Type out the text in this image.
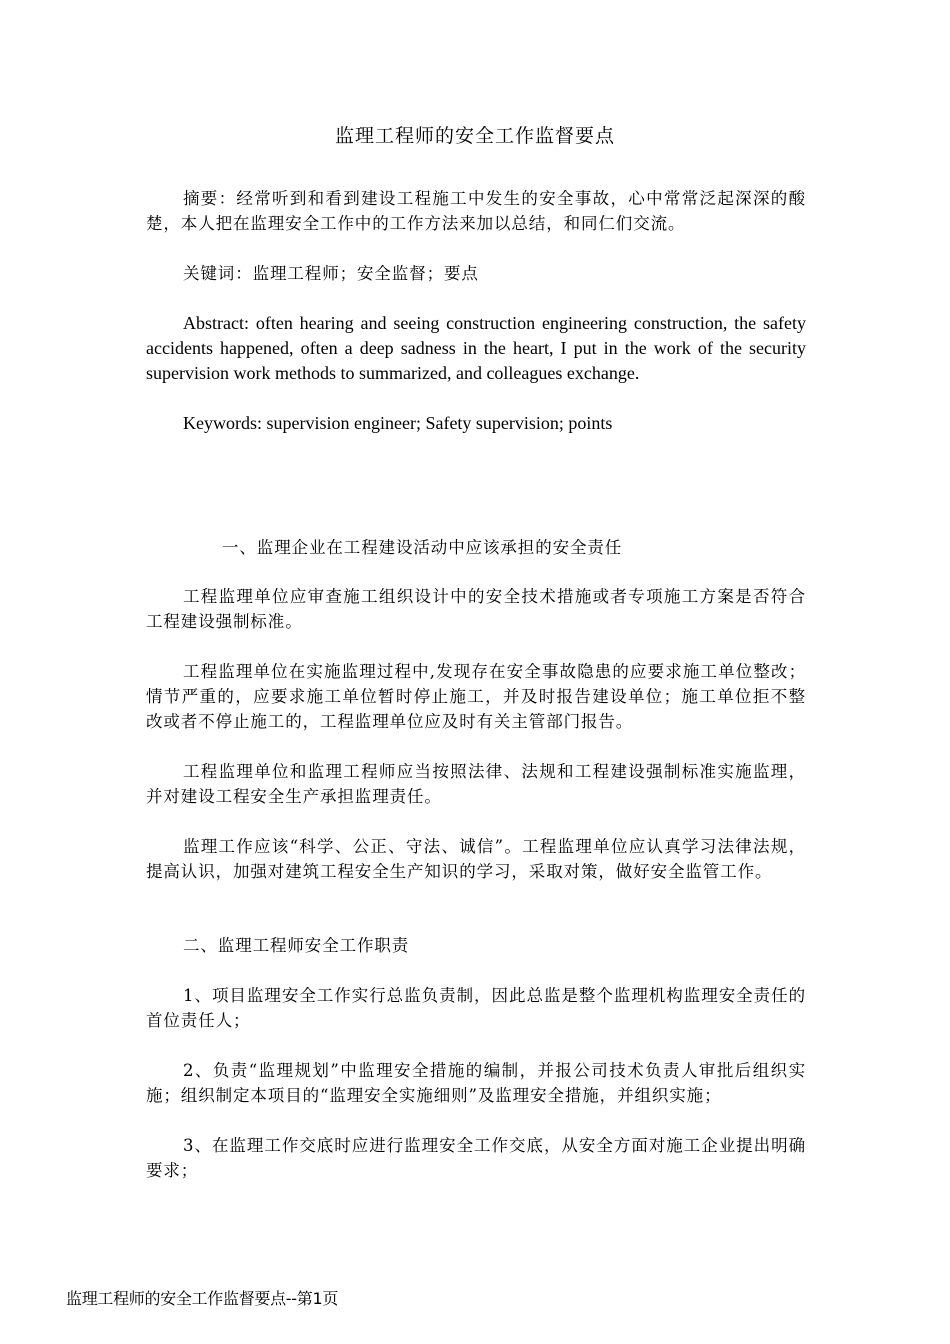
监理工程师的安全工作监督要点

摘要：经常听到和看到建设工程施工中发生的安全事故，心中常常泛起深深的酸楚，本人把在监理安全工作中的工作方法来加以总结，和同仁们交流。

关键词：监理工程师；安全监督；要点

Abstract: often hearing and seeing construction engineering construction, the safety accidents happened, often a deep sadness in the heart, I put in the work of the security supervision work methods to summarized, and colleagues exchange.

Keywords: supervision engineer; Safety supervision; points

一、监理企业在工程建设活动中应该承担的安全责任

工程监理单位应审查施工组织设计中的安全技术措施或者专项施工方案是否符合工程建设强制标准。

工程监理单位在实施监理过程中,发现存在安全事故隐患的应要求施工单位整改；情节严重的，应要求施工单位暂时停止施工，并及时报告建设单位；施工单位拒不整改或者不停止施工的，工程监理单位应及时有关主管部门报告。

工程监理单位和监理工程师应当按照法律、法规和工程建设强制标准实施监理，并对建设工程安全生产承担监理责任。

监理工作应该“科学、公正、守法、诚信”。工程监理单位应认真学习法律法规，提高认识，加强对建筑工程安全生产知识的学习，采取对策，做好安全监管工作。

二、监理工程师安全工作职责

1、项目监理安全工作实行总监负责制，因此总监是整个监理机构监理安全责任的首位责任人；

2、负责“监理规划”中监理安全措施的编制，并报公司技术负责人审批后组织实施；组织制定本项目的“监理安全实施细则”及监理安全措施，并组织实施；

3、在监理工作交底时应进行监理安全工作交底，从安全方面对施工企业提出明确要求；

监理工程师的安全工作监督要点--第1页
